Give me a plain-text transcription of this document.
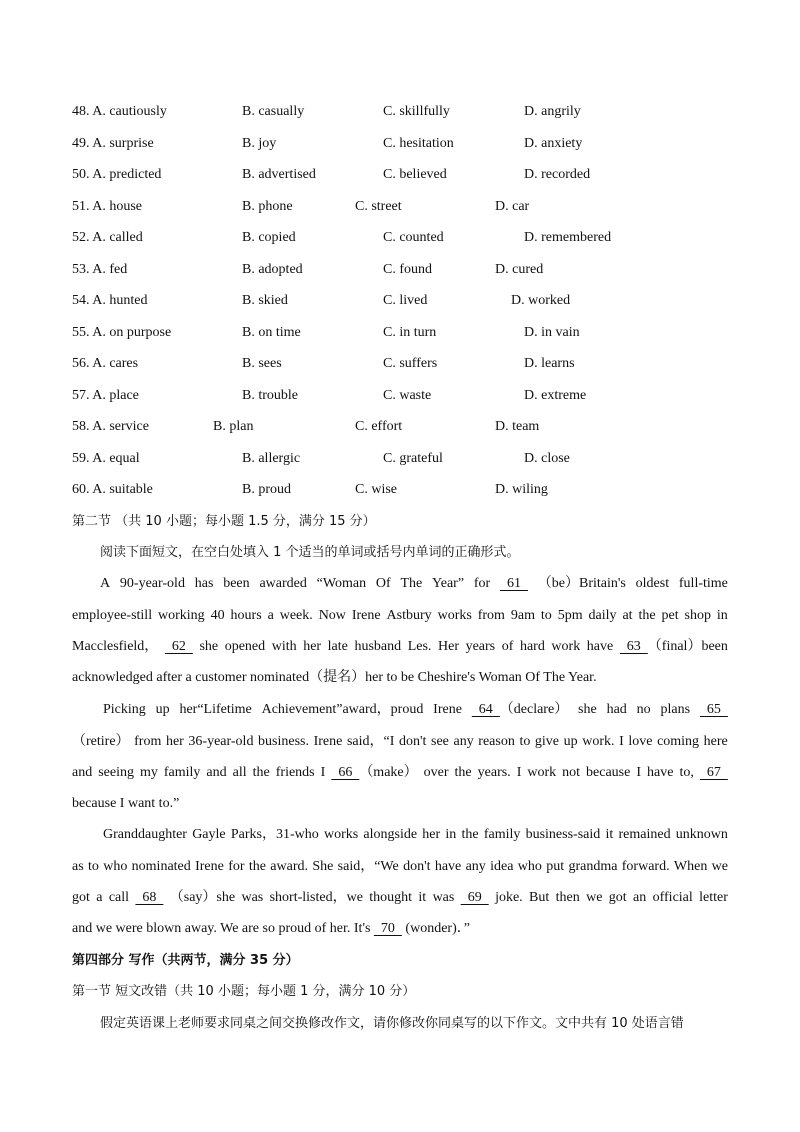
48. A. cautiously	B. casually	C. skillfully	D. angrily
49. A. surprise	B. joy	C. hesitation	D. anxiety
50. A. predicted	B. advertised	C. believed	D. recorded
51. A. house	B. phone	C. street	D. car
52. A. called	B. copied	C. counted	D. remembered
53. A. fed	B. adopted	C. found	D. cured
54. A. hunted	B. skied	C. lived	D. worked
55. A. on purpose	B. on time	C. in turn	D. in vain
56. A. cares	B. sees	C. suffers	D. learns
57. A. place	B. trouble	C. waste	D. extreme
58. A. service	B. plan	C. effort	D. team
59. A. equal	B. allergic	C. grateful	D. close
60. A. suitable	B. proud	C. wise	D. wiling
第二节 （共 10 小题；每小题 1.5 分，满分 15 分）
阅读下面短文，在空白处填入 1 个适当的单词或括号内单词的正确形式。
A 90-year-old has been awarded “Woman Of The Year” for 61 （be）Britain's oldest full-time
employee-still working 40 hours a week. Now Irene Astbury works from 9am to 5pm daily at the pet shop in
Macclesfield， 62 she opened with her late husband Les. Her years of hard work have 63  （final）been
acknowledged after a customer nominated（提名）her to be Cheshire's Woman Of The Year.
Picking up her“Lifetime Achievement”award，proud Irene 64  （declare） she had no plans 65
（retire） from her 36-year-old business. Irene said，“I don't see any reason to give up work. I love coming here
and seeing my family and all the friends I 66  （make） over the years. I work not because I have to, 67
because I want to.”
Granddaughter Gayle Parks，31-who works alongside her in the family business-said it remained unknown
as to who nominated Irene for the award. She said，“We don't have any idea who put grandma forward. When we
got a call 68 （say）she was short-listed，we thought it was 69 joke. But then we got an official letter
and we were blown away. We are so proud of her. It's   70   (wonder)．”
第四部分 写作（共两节，满分 35 分）
第一节 短文改错（共 10 小题；每小题 1 分，满分 10 分）
假定英语课上老师要求同桌之间交换修改作文，请你修改你同桌写的以下作文。文中共有 10 处语言错
